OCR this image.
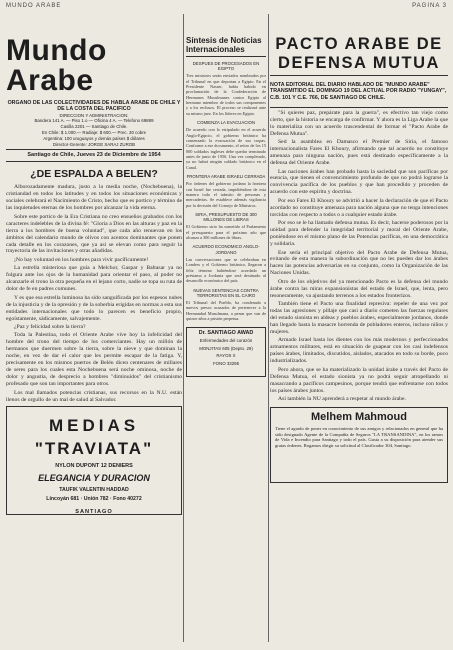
MUNDO ARABE	PAGINA 3
Mundo Arabe
ORGANO DE LAS COLECTIVIDADES DE HABLA ARABE DE CHILE Y DE LA COSTA DEL PACIFICO
DIRECCION Y ADMINISTRACION:
Bandera 141 A. — Piso 1.o — Oficina 4 A. — Telefono 69889
Casilla 2201 — Santiago de Chile.
En Chile: $ 1.000.— Radiaje: $ 600.— Prec. 30 cobre
Argentina: 100 uruguayos y demás países $ dólares
Director-Gerente: JORGE SARAJ ZUROB
Santiago de Chile, Jueves 23 de Diciembre de 1954
¿DE ESPALDA A BELEN?

Alborozadamente madura, justo a la media noche, (Nochebuena), la cristiandad en todos los latitudes y en todos los situaciones económicas y sociales celebrará el Nacimiento de Cristo, hecho que es portico y término de las inquietudes eternas de los hombres por alcanzar la vida eterna.

Sobre este portico de la Era Cristiana no creo ensueños grabados con los caracteres indelebles de la divina fé: "Gloria a Dios en las alturas y paz en la tierra a los hombres de buena voluntad", que cada año renuevan en los ámbitos del calendario mundo de olivos con acentos dominantes que ponen cada detalle en los corazones, que ya así se elevan como para seguir la trayectoria de las invitaciones y otras añadidas.

¡No hay voluntad en los hombres para vivir pacíficamente!

La estrella misteriosa que guía a Melchor, Gaspar y Baltasar ya no fulgura ante los ojos de la humanidad para orientar el paso, al poder no alcanzarle el trono la otra pequeña en el lejano corto, nadie se topa su ruta de dolor de fe en padres comunes.

Y es que esa estrella luminosa ha sido sanguificada por los espesos nubes de la injusticia y de la opresión y de la soberbia erigidas en normas a esta sus entidades internacionales que todo lo parecen es beneficio propio, egoístamente, sádicamente, salvajemente.

¿Paz y felicidad sobre la tierra?

Toda la Palestina, todo el Oriente Arabe vive hoy la infelicidad del hombre del trono del tiempo de los comerciantes. Hay un millón de hermanos que duermen sobre la tierra, sobre la nieve y que dominan la noche, en vez de dar el calor que les permite escapar de la fatiga. Y, precisamente en los mismos puertos de Belén dicen centenares de millares de seres para los cuales esta Nochebuena será noche ominosa, noche de dolor y angustia, de desprecio a hombres "diminuidos" del cristianismo profesado que son tan importantes para otros.

Los mal llamados potencias cristianas, sus recorsos en la N.U. están llenos de orgullo de un mal de salud al Salvador.

MEDIAS
"TRAVIATA"
NYLON DUPONT 12 DENIERS
ELEGANCIA Y DURACION
TAUFIK VALENTIN HADDAD
Lincoyán 681 · Unión 782 · Fono 40272
SANTIAGO
Síntesis de Noticias Internacionales
DESPUES DE PROCESADOS EN EGIPTO

Tres ministros serán enviados nombrados por el Tribunal en que deportan a Egipto. En el Presidente Nasser, había habido en proclamación de la Confederación de Hermanos Musulmanes contra Egipto al hermano miembro de todos sus componentes y a los reclusos. El proceso se realizará ante su mismo juez. En los líderes en Egipto.

COMIENZA LA EVACUACION

De acuerdo con lo estipulado en el acuerdo Anglo-Egipcio, el gobierno británico ha comenzado la evacuación de sus tropas. Conforme a ese documento, el retiro de los 15 000 soldados ingleses debe quedar terminado antes de junio de 1956. Una vez completado, ya no habrá ningún soldado británico en el Canal.

FRONTERA ARABE ISRAELI CERRADA

Por órdenes del gobierno jordano la frontera con Israel fue cerrada, impidiéndose de esta manera todo el tránsito de personas y mercaderías. Se establece además vigilancia por la decisión del Consejo de Ministros.

SIRIA, PRESUPUESTO DE 300 MILLONES DE LIBRAS

El Gobierno sirio ha sometido al Parlamento el presupuesto para el próximo año que alcanza a 300 millones de libras.

ACUERDO ECONOMICO ANGLO-JORDANO

Las conversaciones que se celebraban en Londres y el Gobierno británico, llegaron a feliz término habiéndose acordado un préstamo a Jordania que será destinado al desarrollo económico del país.

NUEVAS SENTENCIAS CONTRA TERRORISTAS EN EL CAIRO

El Tribunal del Pueblo, ha condenado a nuevos presos acusados de pertenecer a la Hermandad Musulmana, a penas que van de quince años a prisión perpetua.

Dr. SANTIAGO AWAD
Enfermedades del corazón
MONJITAS 605 (Depto. 29)
RAYOS X
FONO 33295
PACTO ARABE DE DEFENSA MUTUA
NOTA EDITORIAL DEL DIARIO HABLADO DE "MUNDO ARABE" TRANSMITIDO EL DOMINGO 19 DEL ACTUAL POR RADIO "YUNGAY", C.B. 101 Y C.E. 766, DE SANTIAGO DE CHILE.

"Si quieres paz, prepárate para la guerra", es efectivo tan viejo como cierto, que la historia se encarga de confirmar. Y ahora es la Liga Arabe la que lo materializa con un acuerdo trascendental de formar el "Pacto Arabe de Defensa Mutua".

Sed la asamblea en Damasco el Premier de Siria, el famoso internacionalista Fares El Khoury, afirmando que tal acuerdo no constituye amenaza para ninguna nación, pues está destinado específicamente a la defensa del Oriente Arabe.

Las naciones árabes han probado hasta la saciedad que son pacíficas por esencia, que tienen el convencimiento profundo de que no podrá lograrse la convivencia pacífica de los pueblos y que han procedido y proceden de acuerdo con este espíritu y doctrina.

Por eso Fares El Khoury se advirtió a hacer la declaración de que el Pacto acordado no constituye amenaza para nación alguna que no tenga intenciones torcidas con respecto a todos o a cualquier estado árabe.

Por eso se le ha llamado defensa mutua. Es decir, hacerse poderosos por la unidad para defender la integridad territorial y moral del Oriente Arabe, poniéndose en el mismo plano de las Potencias pacíficas, en una democrática y solidaria.

Ese sería el principal objetivo del Pacto Arabe de Defensa Mutua, evitando de esta manera la subordinación que no les pueden dar los árabes hacen las potencias adversarias en su conjunto, como la Organización de las Naciones Unidas.

Otro de los objetivos del ya mencionado Pacto es la defensa del mundo árabe contra las miras expansionistas del estado de Israel, que, lenta, pero tesoneramente, va ajustando terrenos a los estados fronterizos.

También tiene el Pacto una finalidad represiva: repeler de una vez por todas las agresiones y pillaje que casi a diario cometen las fuerzas regulares del estado sionista en aldeas y pueblos árabes, especialmente jordanos, donde han llegado hasta la masacre horrenda de pobladores enteros, incluso niños y mujeres.

Armado Israel hasta los dientes con los más modernos y perfeccionados armamentos militares, está en situación de guapear con los casi indefensos países árabes, limitados, discutidos, aislados, atacados en todo su borde, poco industrializados.

Pero ahora, que se ha materializado la unidad árabe a través del Pacto de Defensa Mutua, el estado sionista ya no podrá seguir atropellando ni masacrando a pacíficos campesinos, porque tendrá que enfrentarse con todos los países árabes juntos.

Así también la NU aprenderá a respetar al mundo árabe.

Melhem Mahmoud
Tiene el agrado de poner en conocimiento de sus amigos y relacionados en general que ha sido designado Agente de la Compañía de Seguros "LA TRANSANDINA", en los ramos de Vida e Incendio para Santiago y todo el país. Gusta a su disposición para atender sus gratas órdenes. Rogamos dirigir su solicitud al Clasificador 304, Santiago.
